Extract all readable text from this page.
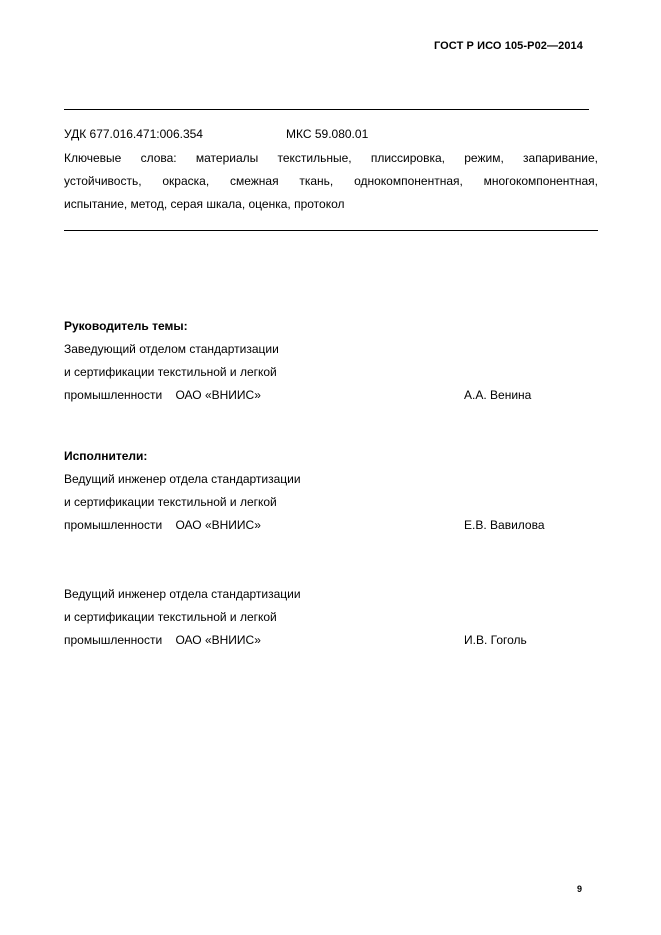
ГОСТ Р ИСО 105-Р02—2014
УДК 677.016.471:006.354	МКС 59.080.01
Ключевые слова: материалы текстильные, плиссировка, режим, запаривание,
устойчивость, окраска, смежная ткань, однокомпонентная, многокомпонентная,
испытание, метод, серая шкала, оценка, протокол
Руководитель темы:
Заведующий отделом стандартизации
и сертификации текстильной и легкой
промышленности    ОАО «ВНИИС»	А.А. Венина
Исполнители:
Ведущий инженер отдела стандартизации
и сертификации текстильной и легкой
промышленности    ОАО «ВНИИС»	Е.В. Вавилова
Ведущий инженер отдела стандартизации
и сертификации текстильной и легкой
промышленности    ОАО «ВНИИС»	И.В. Гоголь
9
